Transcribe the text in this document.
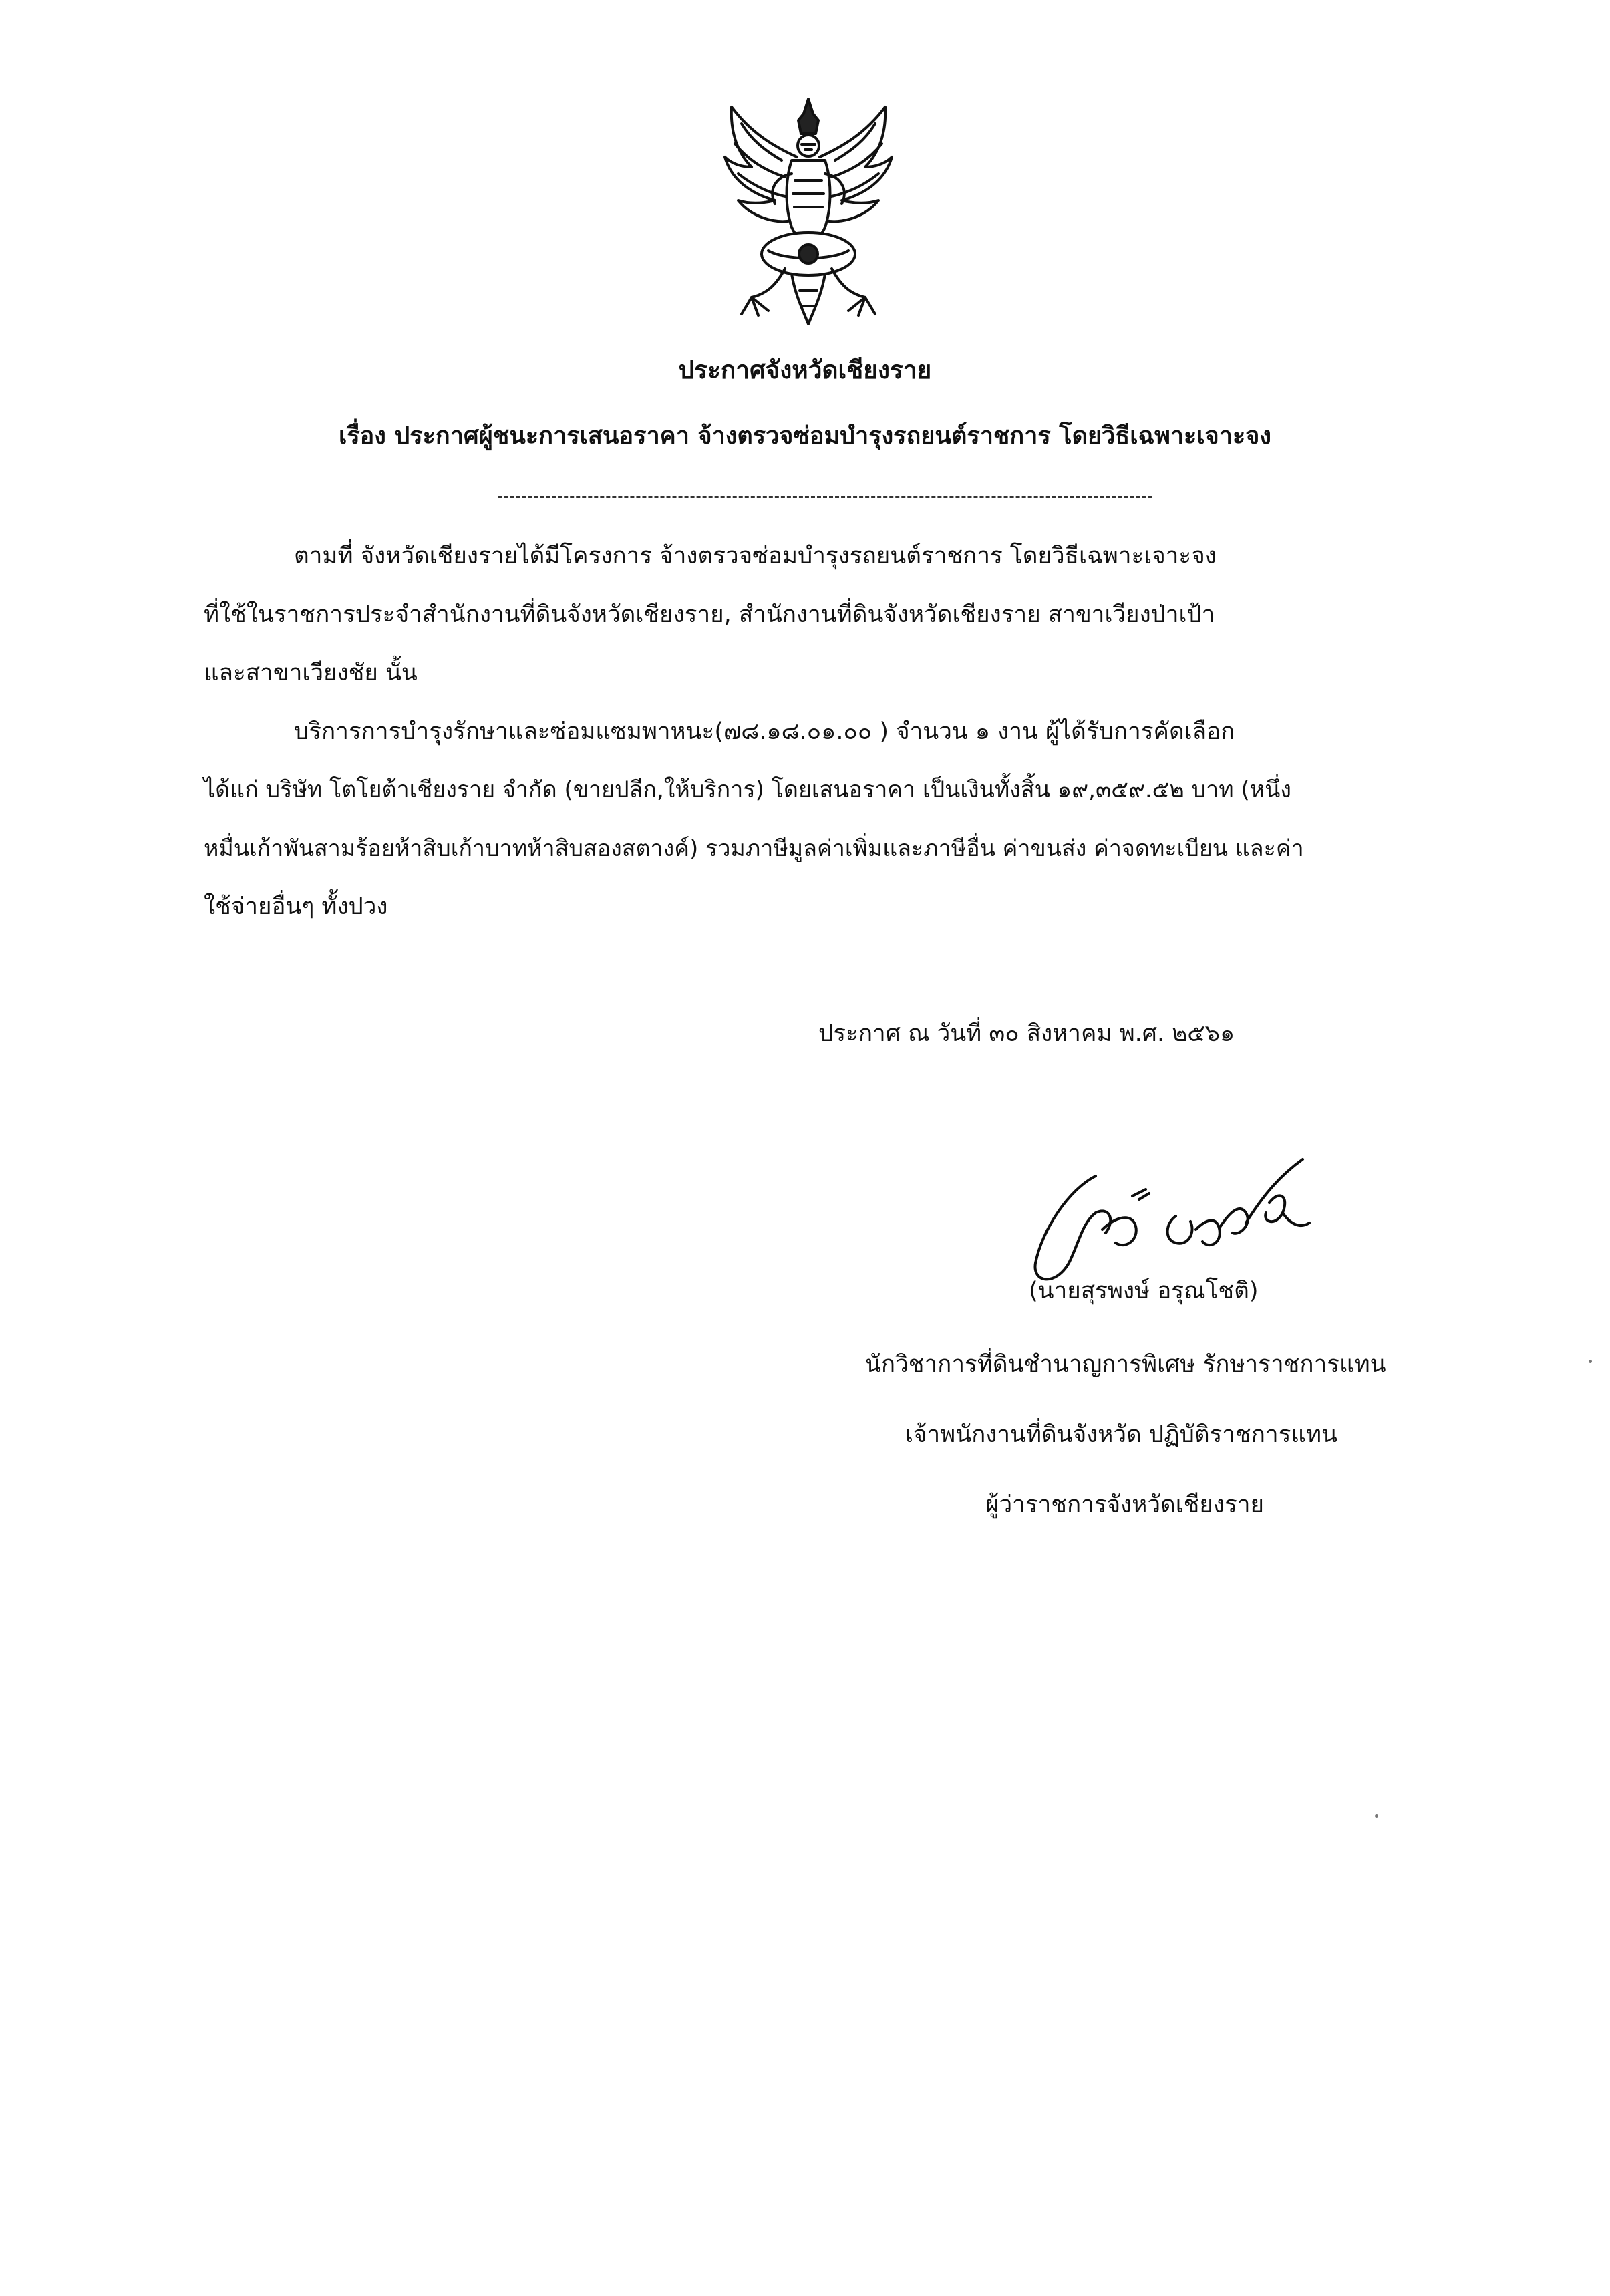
ประกาศจังหวัดเชียงราย
เรื่อง ประกาศผู้ชนะการเสนอราคา จ้างตรวจซ่อมบำรุงรถยนต์ราชการ โดยวิธีเฉพาะเจาะจง
ตามที่ จังหวัดเชียงรายได้มีโครงการ จ้างตรวจซ่อมบำรุงรถยนต์ราชการ โดยวิธีเฉพาะเจาะจง
ที่ใช้ในราชการประจำสำนักงานที่ดินจังหวัดเชียงราย, สำนักงานที่ดินจังหวัดเชียงราย สาขาเวียงป่าเป้า
และสาขาเวียงชัย นั้น
บริการการบำรุงรักษาและซ่อมแซมพาหนะ(๗๘.๑๘.๐๑.๐๐ ) จำนวน ๑ งาน ผู้ได้รับการคัดเลือก
ได้แก่ บริษัท โตโยต้าเชียงราย จำกัด (ขายปลีก,ให้บริการ) โดยเสนอราคา เป็นเงินทั้งสิ้น ๑๙,๓๕๙.๕๒ บาท (หนึ่ง
หมื่นเก้าพันสามร้อยห้าสิบเก้าบาทห้าสิบสองสตางค์) รวมภาษีมูลค่าเพิ่มและภาษีอื่น ค่าขนส่ง ค่าจดทะเบียน และค่า
ใช้จ่ายอื่นๆ ทั้งปวง
ประกาศ ณ วันที่ ๓๐ สิงหาคม พ.ศ. ๒๕๖๑
(นายสุรพงษ์ อรุณโชติ)
นักวิชาการที่ดินชำนาญการพิเศษ รักษาราชการแทน
เจ้าพนักงานที่ดินจังหวัด ปฏิบัติราชการแทน
ผู้ว่าราชการจังหวัดเชียงราย
